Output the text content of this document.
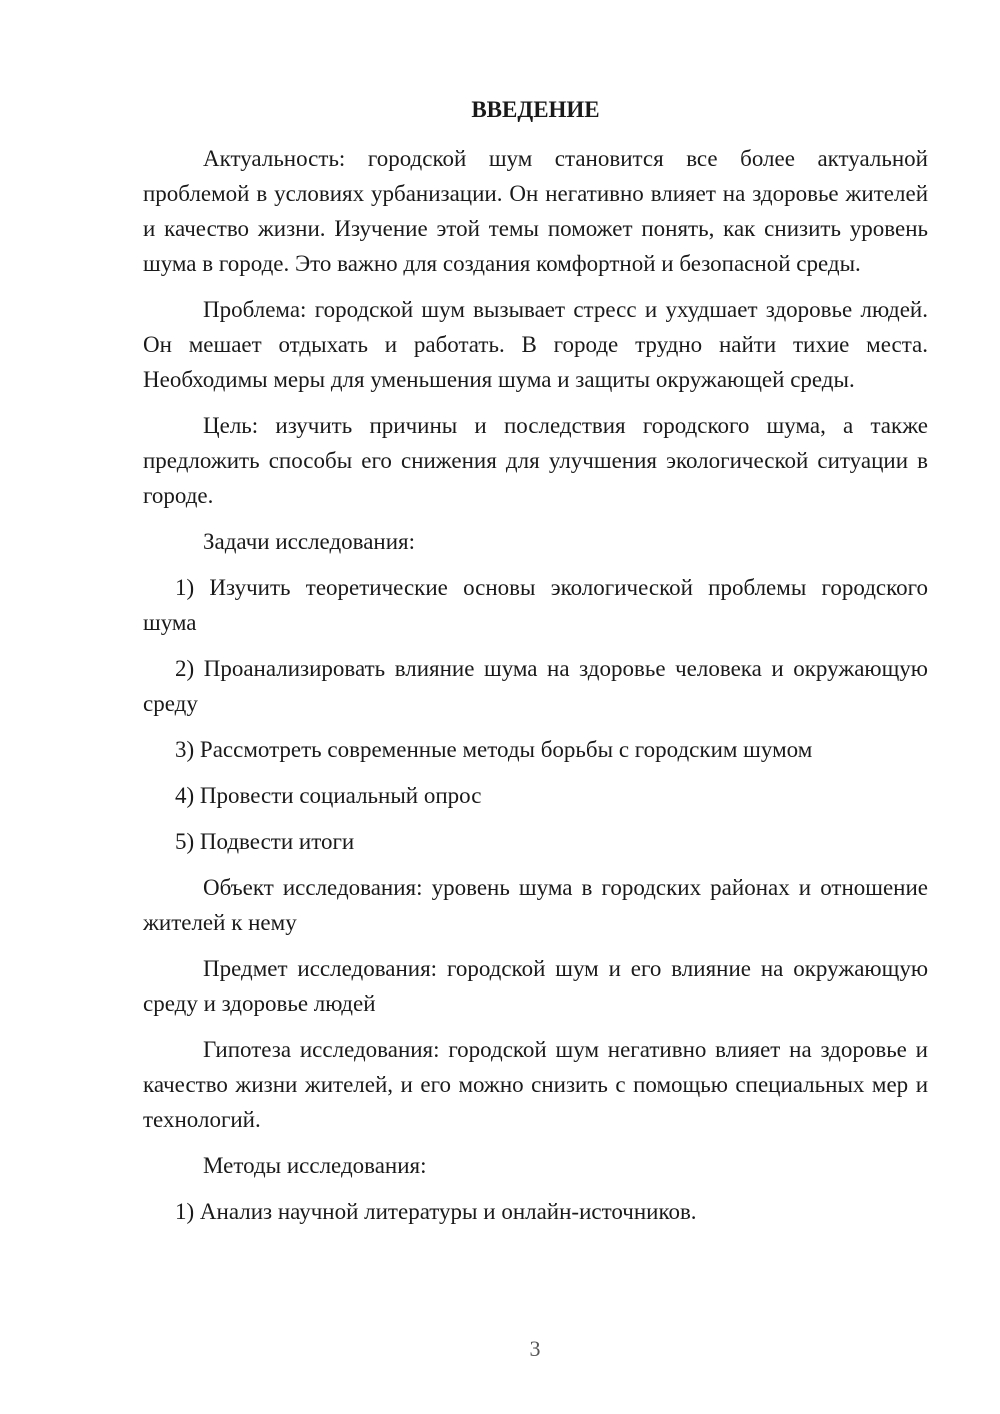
ВВЕДЕНИЕ

Актуальность: городской шум становится все более актуальной проблемой в условиях урбанизации. Он негативно влияет на здоровье жителей и качество жизни. Изучение этой темы поможет понять, как снизить уровень шума в городе. Это важно для создания комфортной и безопасной среды.

Проблема: городской шум вызывает стресс и ухудшает здоровье людей. Он мешает отдыхать и работать. В городе трудно найти тихие места. Необходимы меры для уменьшения шума и защиты окружающей среды.

Цель: изучить причины и последствия городского шума, а также предложить способы его снижения для улучшения экологической ситуации в городе.

Задачи исследования:

1) Изучить теоретические основы экологической проблемы городского шума

2) Проанализировать влияние шума на здоровье человека и окружающую среду

3) Рассмотреть современные методы борьбы с городским шумом

4) Провести социальный опрос

5) Подвести итоги

Объект исследования: уровень шума в городских районах и отношение жителей к нему

Предмет исследования: городской шум и его влияние на окружающую среду и здоровье людей

Гипотеза исследования: городской шум негативно влияет на здоровье и качество жизни жителей, и его можно снизить с помощью специальных мер и технологий.

Методы исследования:

1) Анализ научной литературы и онлайн-источников.

3
